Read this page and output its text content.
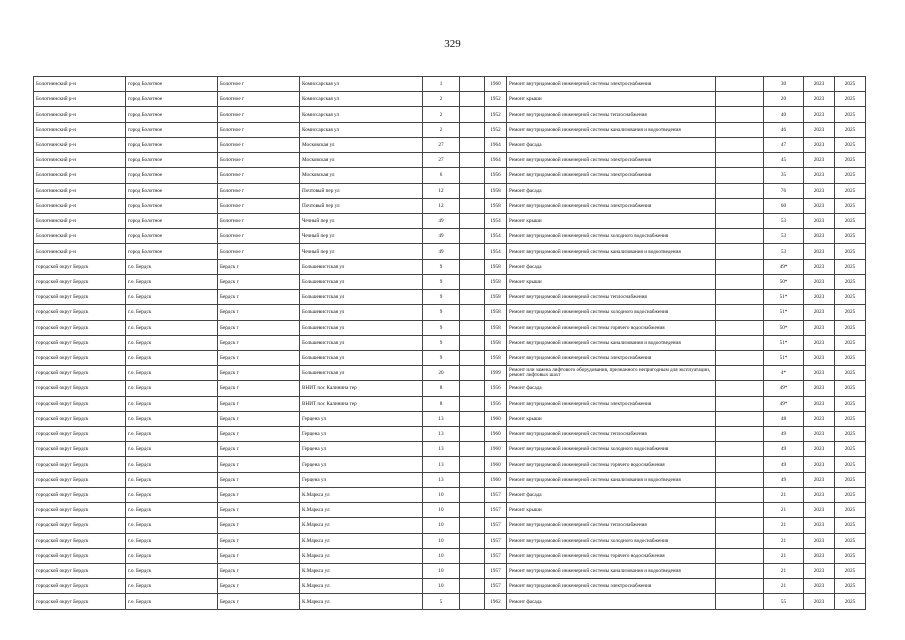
329
Болотнинский р-н	город Болотное	Болотное г	Комиссарская ул	1		1960	Ремонт внутридомовой инженерной системы электроснабжения		30	2023	2025
Болотнинский р-н	город Болотное	Болотное г	Комиссарская ул	2		1952	Ремонт крыши		20	2023	2025
Болотнинский р-н	город Болотное	Болотное г	Комиссарская ул	2		1952	Ремонт внутридомовой инженерной системы теплоснабжения		40	2023	2025
Болотнинский р-н	город Болотное	Болотное г	Комиссарская ул	2		1952	Ремонт внутридомовой инженерной системы канализования и водоотведения		46	2023	2025
Болотнинский р-н	город Болотное	Болотное г	Московская ул	27		1964	Ремонт фасада		47	2023	2025
Болотнинский р-н	город Болотное	Болотное г	Московская ул	27		1964	Ремонт внутридомовой инженерной системы электроснабжения		45	2023	2025
Болотнинский р-н	город Болотное	Болотное г	Московская ул	6		1956	Ремонт внутридомовой инженерной системы электроснабжения		35	2023	2025
Болотнинский р-н	город Болотное	Болотное г	Почтовый пер ул	12		1958	Ремонт фасада		76	2023	2025
Болотнинский р-н	город Болотное	Болотное г	Почтовый пер ул	12		1958	Ремонт внутридомовой инженерной системы электроснабжения		60	2023	2025
Болотнинский р-н	город Болотное	Болотное г	Чечный пер ул	49		1954	Ремонт крыши		53	2023	2025
Болотнинский р-н	город Болотное	Болотное г	Чечный пер ул	49		1954	Ремонт внутридомовой инженерной системы холодного водоснабжения		53	2023	2025
Болотнинский р-н	город Болотное	Болотное г	Чечный пер ул	49		1954	Ремонт внутридомовой инженерной системы канализования и водоотведения		53	2023	2025
городской округ Бердск	г.о. Бердск	Бердск г	Большевистская ул	9		1958	Ремонт фасада		49*	2023	2025
городской округ Бердск	г.о. Бердск	Бердск г	Большевистская ул	9		1958	Ремонт крыши		50*	2023	2025
городской округ Бердск	г.о. Бердск	Бердск г	Большевистская ул	9		1958	Ремонт внутридомовой инженерной системы теплоснабжения		51*	2023	2025
городской округ Бердск	г.о. Бердск	Бердск г	Большевистская ул	9		1958	Ремонт внутридомовой инженерной системы холодного водоснабжения		51*	2023	2025
городской округ Бердск	г.о. Бердск	Бердск г	Большевистская ул	9		1958	Ремонт внутридомовой инженерной системы горячего водоснабжения		50*	2023	2025
городской округ Бердск	г.о. Бердск	Бердск г	Большевистская ул	9		1958	Ремонт внутридомовой инженерной системы канализования и водоотведения		51*	2023	2025
городской округ Бердск	г.о. Бердск	Бердск г	Большевистская ул	9		1958	Ремонт внутридомовой инженерной системы электроснабжения		51*	2023	2025
городской округ Бердск	г.о. Бердск	Бердск г	Большевистская ул	20		1999	Ремонт или замена лифтового оборудования, признанного непригодным для эксплуатации, ремонт лифтовых шахт		4*	2023	2025
городской округ Бердск	г.о. Бердск	Бердск г	ВНИТ пос Калинина тер	8		1956	Ремонт фасада		49*	2023	2025
городской округ Бердск	г.о. Бердск	Бердск г	ВНИТ пос Калинина тер	8		1956	Ремонт внутридомовой инженерной системы электроснабжения		49*	2023	2025
городской округ Бердск	г.о. Бердск	Бердск г	Герцена ул	13		1960	Ремонт крыши		48	2023	2025
городской округ Бердск	г.о. Бердск	Бердск г	Герцена ул	13		1960	Ремонт внутридомовой инженерной системы теплоснабжения		49	2023	2025
городской округ Бердск	г.о. Бердск	Бердск г	Герцена ул	13		1960	Ремонт внутридомовой инженерной системы холодного водоснабжения		49	2023	2025
городской округ Бердск	г.о. Бердск	Бердск г	Герцена ул	13		1960	Ремонт внутридомовой инженерной системы горячего водоснабжения		49	2023	2025
городской округ Бердск	г.о. Бердск	Бердск г	Герцена ул	13		1960	Ремонт внутридомовой инженерной системы канализования и водоотведения		49	2023	2025
городской округ Бердск	г.о. Бердск	Бердск г	К.Маркса ул	10		1957	Ремонт фасада		21	2023	2025
городской округ Бердск	г.о. Бердск	Бердск г	К.Маркса ул	10		1957	Ремонт крыши		21	2023	2025
городской округ Бердск	г.о. Бердск	Бердск г	К.Маркса ул	10		1957	Ремонт внутридомовой инженерной системы теплоснабжения		21	2023	2025
городской округ Бердск	г.о. Бердск	Бердск г	К.Маркса ул	10		1957	Ремонт внутридомовой инженерной системы холодного водоснабжения		21	2023	2025
городской округ Бердск	г.о. Бердск	Бердск г	К.Маркса ул	10		1957	Ремонт внутридомовой инженерной системы горячего водоснабжения		21	2023	2025
городской округ Бердск	г.о. Бердск	Бердск г	К.Маркса ул	10		1957	Ремонт внутридомовой инженерной системы канализования и водоотведения		21	2023	2025
городской округ Бердск	г.о. Бердск	Бердск г	К.Маркса ул	10		1957	Ремонт внутридомовой инженерной системы электроснабжения		21	2023	2025
городской округ Бердск	г.о. Бердск	Бердск г	К.Маркса ул	5		1962	Ремонт фасада		55	2023	2025
